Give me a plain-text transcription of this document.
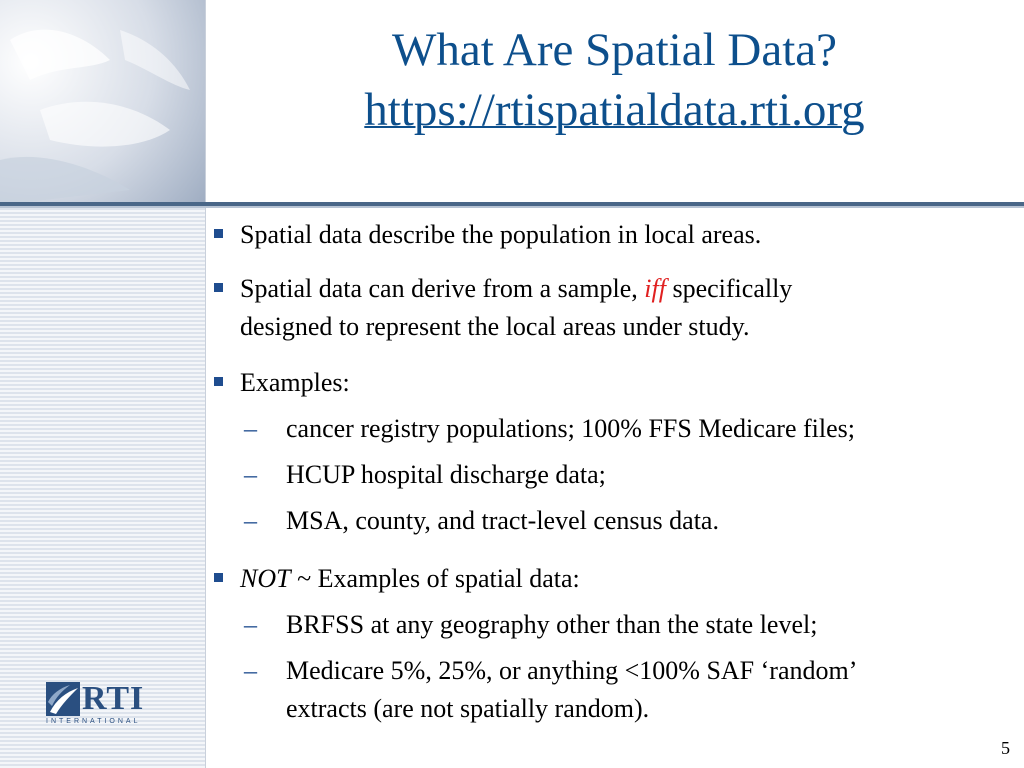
What Are Spatial Data?
https://rtispatialdata.rti.org
Spatial data describe the population in local areas.
Spatial data can derive from a sample, iff specifically
designed to represent the local areas under study.
Examples:
– cancer registry populations; 100% FFS Medicare files;
– HCUP hospital discharge data;
– MSA, county, and tract-level census data.
NOT ~ Examples of spatial data:
– BRFSS at any geography other than the state level;
– Medicare 5%, 25%, or anything <100% SAF ‘random’
extracts (are not spatially random).
RTI
INTERNATIONAL
5
